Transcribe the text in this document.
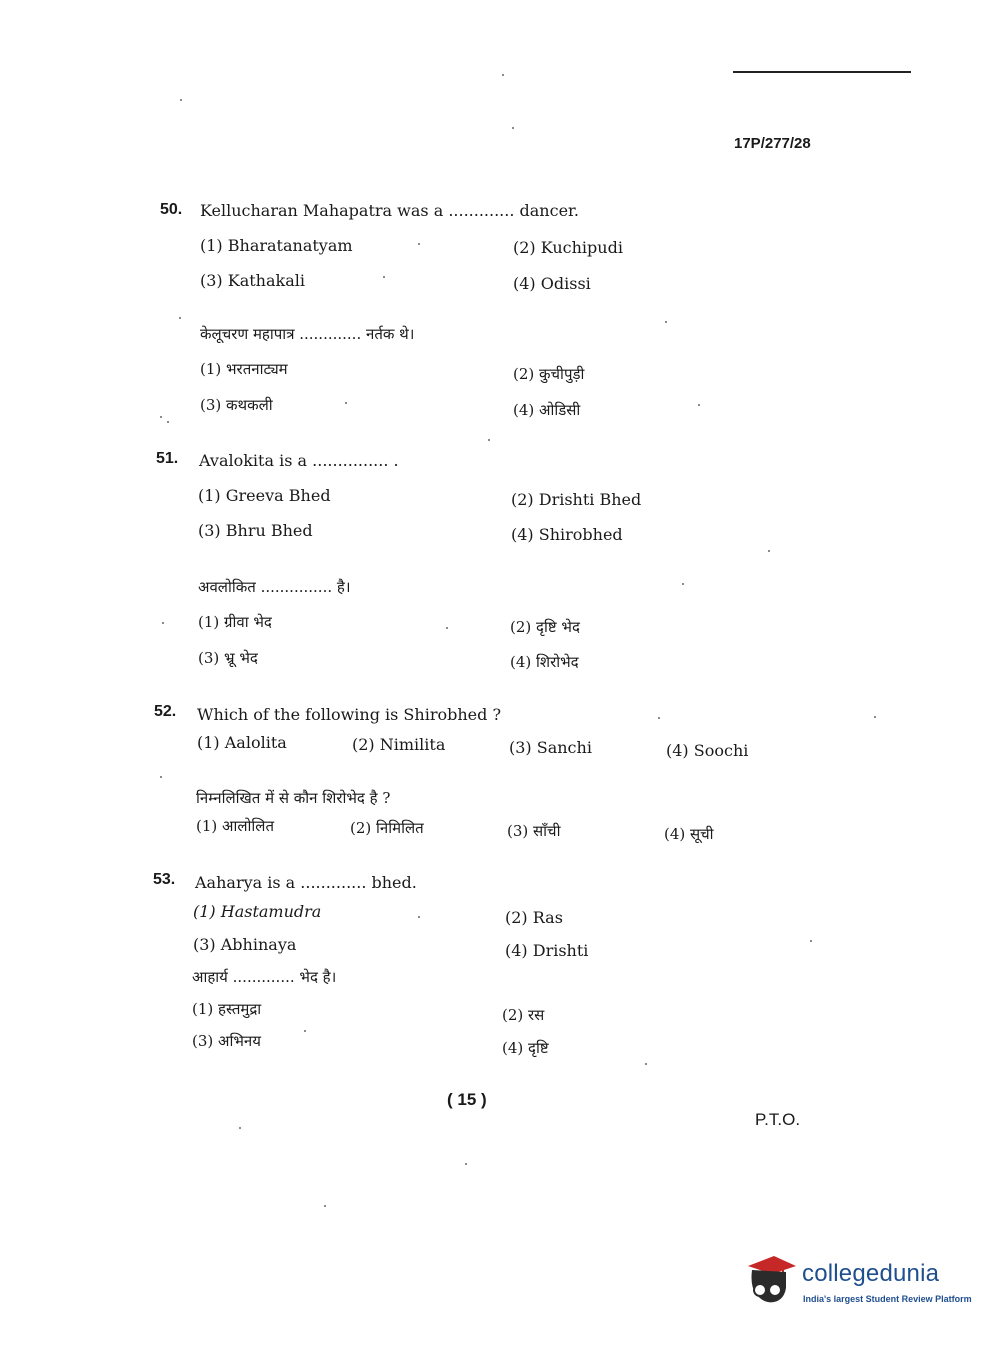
17P/277/28
50. Kellucharan Mahapatra was a ............. dancer.
(1) Bharatanatyam	(2) Kuchipudi
(3) Kathakali	(4) Odissi
केलूचरण महापात्र ............. नर्तक थे।
(1) भरतनाट्यम	(2) कुचीपुड़ी
(3) कथकली	(4) ओडिसी
51. Avalokita is a ............... .
(1) Greeva Bhed	(2) Drishti Bhed
(3) Bhru Bhed	(4) Shirobhed
अवलोकित ............... है।
(1) ग्रीवा भेद	(2) दृष्टि भेद
(3) भ्रू भेद	(4) शिरोभेद
52. Which of the following is Shirobhed ?
(1) Aalolita	(2) Nimilita	(3) Sanchi	(4) Soochi
निम्नलिखित में से कौन शिरोभेद है ?
(1) आलोलित	(2) निमिलित	(3) साँची	(4) सूची
53. Aaharya is a ............. bhed.
(1) Hastamudra	(2) Ras
(3) Abhinaya	(4) Drishti
आहार्य ............. भेद है।
(1) हस्तमुद्रा	(2) रस
(3) अभिनय	(4) दृष्टि
( 15 )
P.T.O.
collegedunia
India's largest Student Review Platform
